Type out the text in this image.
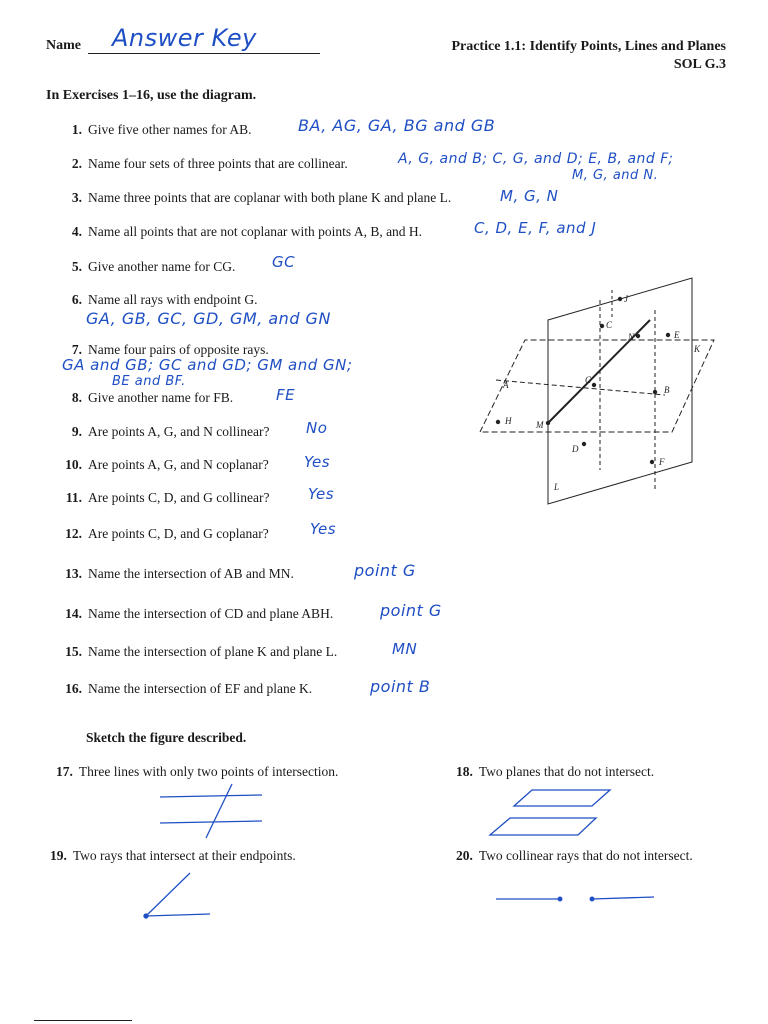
Name Answer Key	Practice 1.1: Identify Points, Lines and Planes
SOL G.3
In Exercises 1–16, use the diagram.
1. Give five other names for AB.	BA, AG, GA, BG and GB
2. Name four sets of three points that are collinear.	A, G, and B; C, G, and D; E, B, and F;
M, G, and N.
3. Name three points that are coplanar with both plane K and plane L.	M, G, N
4. Name all points that are not coplanar with points A, B, and H.	C, D, E, F, and J
5. Give another name for CG. GC
6. Name all rays with endpoint G.
GA, GB, GC, GD, GM, and GN
7. Name four pairs of opposite rays.
GA and GB; GC and GD; GM and GN;
BE and BF.
8. Give another name for FB.	FE
9. Are points A, G, and N collinear? No
10. Are points A, G, and N coplanar? Yes
11. Are points C, D, and G collinear?	Yes
12. Are points C, D, and G coplanar?	Yes
13. Name the intersection of AB and MN.	point G
14. Name the intersection of CD and plane ABH.	point G
15. Name the intersection of plane K and plane L.	MN
16. Name the intersection of EF and plane K.	point B
Sketch the figure described.
17. Three lines with only two points of intersection.	18. Two planes that do not intersect.
19. Two rays that intersect at their endpoints.	20. Two collinear rays that do not intersect.
J
C
N	E
K
A	G
B
H	M
D
F
L
